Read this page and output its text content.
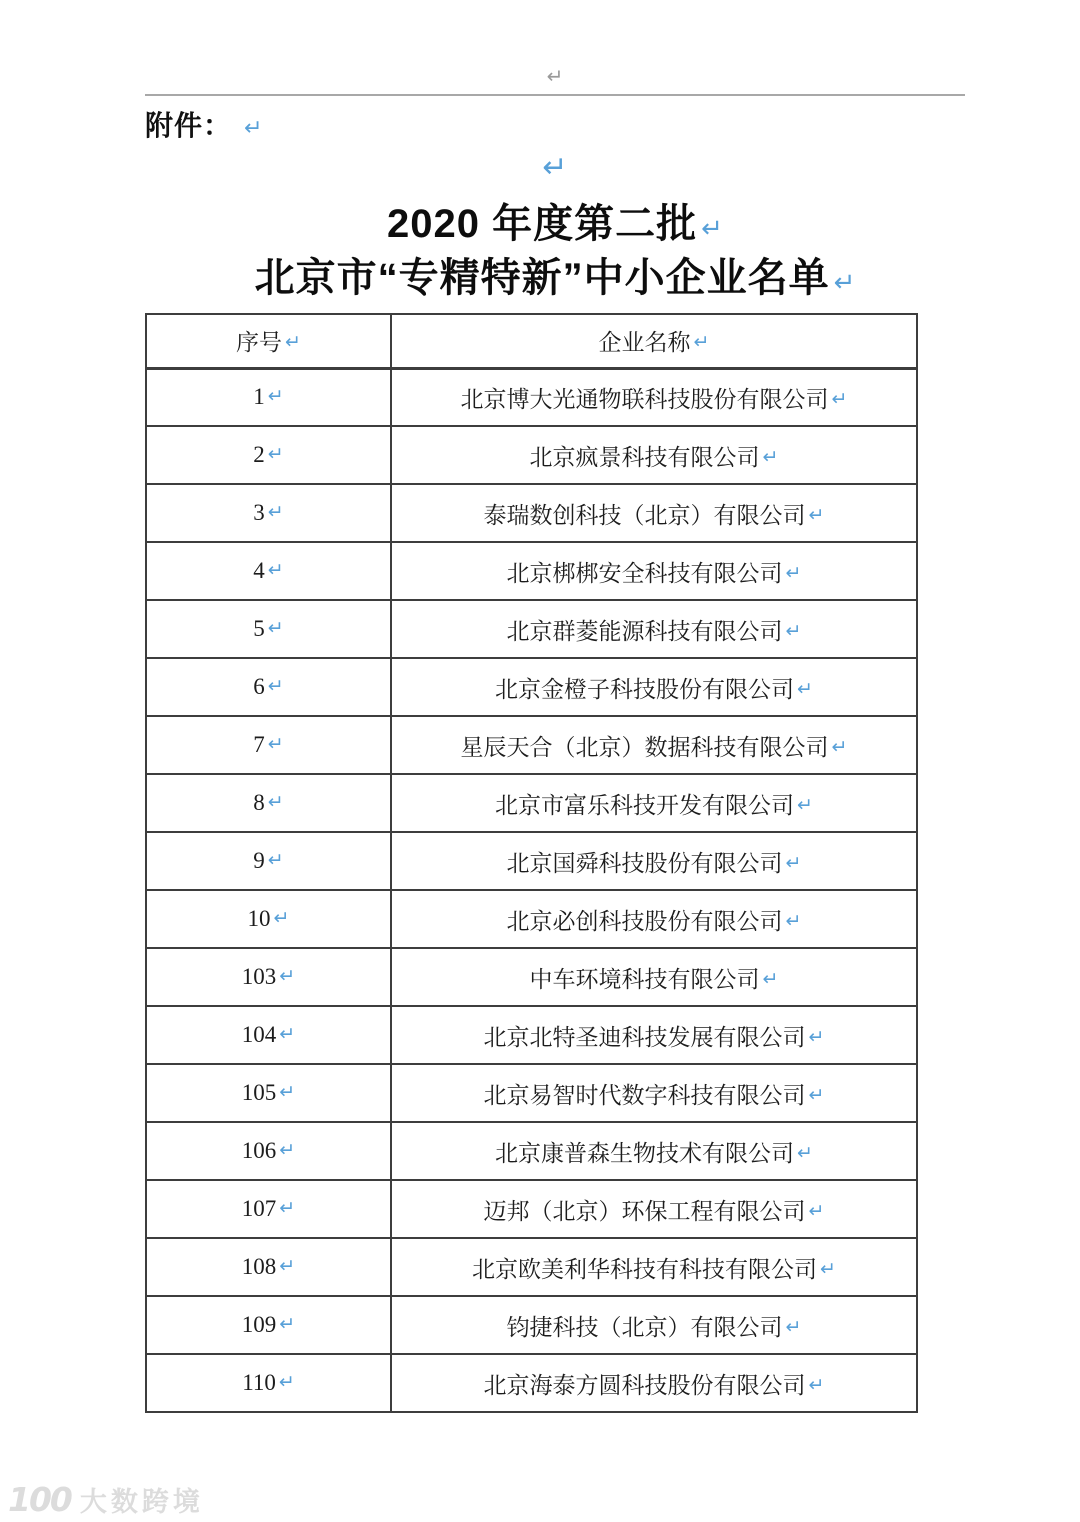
↵
附件： ↵
↵
2020 年度第二批 ↵
北京市“专精特新”中小企业名单 ↵
序号 ↵	企业名称 ↵
1 ↵	北京博大光通物联科技股份有限公司 ↵
2 ↵	北京疯景科技有限公司 ↵
3 ↵	泰瑞数创科技（北京）有限公司 ↵
4 ↵	北京梆梆安全科技有限公司 ↵
5 ↵	北京群菱能源科技有限公司 ↵
6 ↵	北京金橙子科技股份有限公司 ↵
7 ↵	星辰天合（北京）数据科技有限公司 ↵
8 ↵	北京市富乐科技开发有限公司 ↵
9 ↵	北京国舜科技股份有限公司 ↵
10 ↵	北京必创科技股份有限公司 ↵
103 ↵	中车环境科技有限公司 ↵
104 ↵	北京北特圣迪科技发展有限公司 ↵
105 ↵	北京易智时代数字科技有限公司 ↵
106 ↵	北京康普森生物技术有限公司 ↵
107 ↵	迈邦（北京）环保工程有限公司 ↵
108 ↵	北京欧美利华科技有科技有限公司 ↵
109 ↵	钧捷科技（北京）有限公司 ↵
110 ↵	北京海泰方圆科技股份有限公司 ↵
100 大数跨境
